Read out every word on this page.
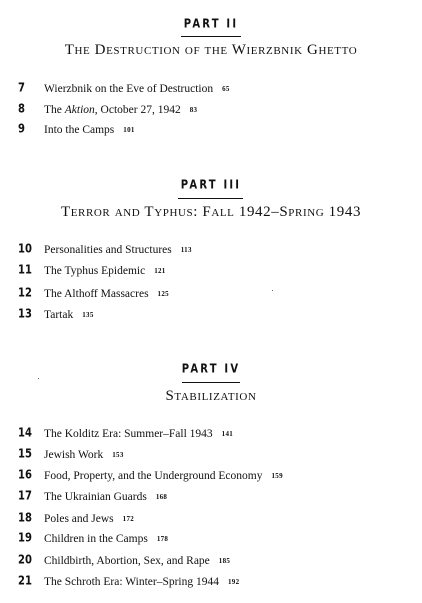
PART II
The Destruction of the Wierzbnik Ghetto
7	Wierzbnik on the Eve of Destruction 65
8	The Aktion, October 27, 1942 83
9	Into the Camps 101
PART III
Terror and Typhus: Fall 1942–Spring 1943
10	Personalities and Structures 113
11	The Typhus Epidemic 121
12	The Althoff Massacres 125
13	Tartak 135
PART IV
Stabilization
14	The Kolditz Era: Summer–Fall 1943 141
15	Jewish Work 153
16	Food, Property, and the Underground Economy 159
17	The Ukrainian Guards 168
18	Poles and Jews 172
19	Children in the Camps 178
20	Childbirth, Abortion, Sex, and Rape 185
21	The Schroth Era: Winter–Spring 1944 192
